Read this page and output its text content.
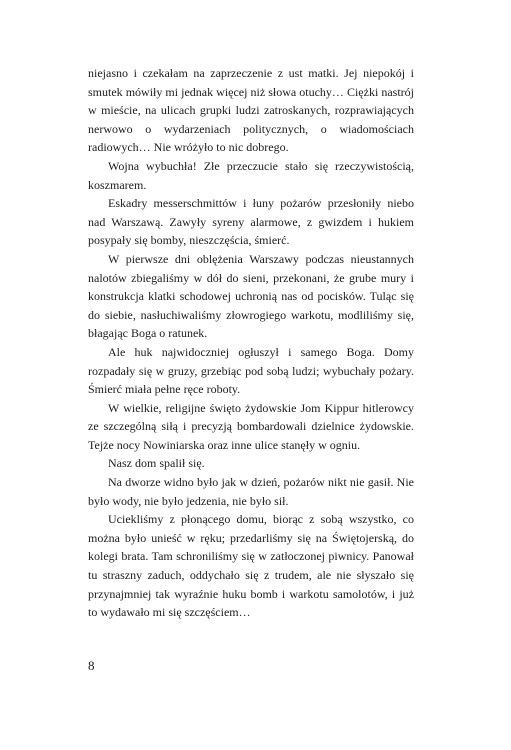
niejasno i czekałam na zaprzeczenie z ust matki. Jej niepokój i smutek mówiły mi jednak więcej niż słowa otuchy… Ciężki nastrój w mieście, na ulicach grupki ludzi zatroskanych, rozprawiających nerwowo o wydarzeniach politycznych, o wiadomościach radiowych… Nie wróżyło to nic dobrego.

Wojna wybuchła! Złe przeczucie stało się rzeczywistością, koszmarem.

Eskadry messerschmittów i łuny pożarów przesłoniły niebo nad Warszawą. Zawyły syreny alarmowe, z gwizdem i hukiem posypały się bomby, nieszczęścia, śmierć.

W pierwsze dni oblężenia Warszawy podczas nieustannych nalotów zbiegaliśmy w dół do sieni, przekonani, że grube mury i konstrukcja klatki schodowej uchronią nas od pocisków. Tuląc się do siebie, nasłuchiwaliśmy złowrogiego warkotu, modliliśmy się, błagając Boga o ratunek.

Ale huk najwidoczniej ogłuszył i samego Boga. Domy rozpadały się w gruzy, grzebiąc pod sobą ludzi; wybuchały pożary. Śmierć miała pełne ręce roboty.

W wielkie, religijne święto żydowskie Jom Kippur hitlerowcy ze szczególną siłą i precyzją bombardowali dzielnice żydowskie. Tejże nocy Nowiniarska oraz inne ulice stanęły w ogniu.

Nasz dom spalił się.

Na dworze widno było jak w dzień, pożarów nikt nie gasił. Nie było wody, nie było jedzenia, nie było sił.

Uciekliśmy z płonącego domu, biorąc z sobą wszystko, co można było unieść w ręku; przedarliśmy się na Świętojerską, do kolegi brata. Tam schroniliśmy się w zatłoczonej piwnicy. Panował tu straszny zaduch, oddychało się z trudem, ale nie słyszało się przynajmniej tak wyraźnie huku bomb i warkotu samolotów, i już to wydawało mi się szczęściem…

8
